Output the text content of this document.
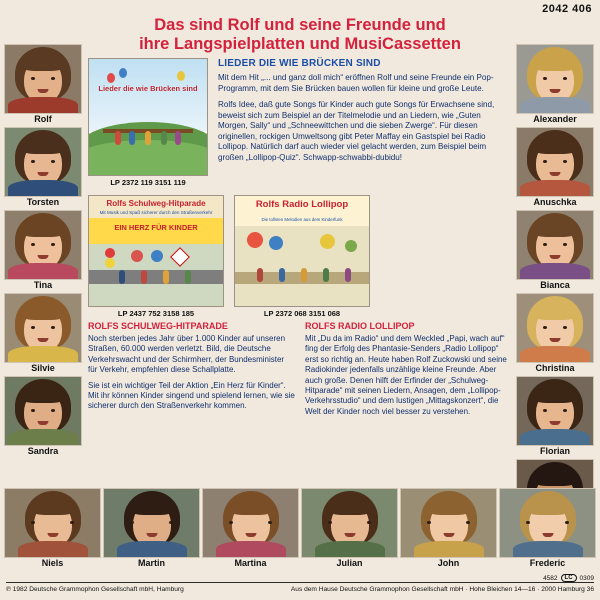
2042 406
Das sind Rolf und seine Freunde und
ihre Langspielplatten und MusiCassetten
Rolf
Torsten
Tina
Silvie
Sandra
Alexander
Anuschka
Bianca
Christina
Florian
Lieder die wie Brücken sind
LP 2372 119 3151 119
LIEDER DIE WIE BRÜCKEN SIND

Mit dem Hit „... und ganz doll mich“ eröffnen Rolf und seine Freunde ein Pop-Programm, mit dem Sie Brücken bauen wollen für kleine und große Leute.

Rolfs Idee, daß gute Songs für Kinder auch gute Songs für Erwachsene sind, beweist sich zum Beispiel an der Titelmelodie und an Liedern, wie „Guten Morgen, Sally“ und „Schneewittchen und die sieben Zwerge“. Für diesen originellen, rockigen Umweltsong gibt Peter Maffay ein Gastspiel bei Radio Lollipop. Natürlich darf auch wieder viel gelacht werden, zum Beispiel beim großen „Lollipop-Quiz“. Schwapp-schwabbi-dubidu!

Rolfs Schulweg-Hitparade
Mit Musik und Spaß sicherer durch den Straßenverkehr
EIN HERZ FÜR KINDER
LP 2437 752 3158 185
Rolfs Radio Lollipop
Die tollsten Melodien aus dem Kinderfunk
LP 2372 068 3151 068
ROLFS SCHULWEG-HITPARADE

Noch sterben jedes Jahr über 1.000 Kinder auf unseren Straßen, 60.000 werden verletzt. Bild, die Deutsche Verkehrswacht und der Schirmherr, der Bundesminister für Verkehr, empfehlen diese Schallplatte.

Sie ist ein wichtiger Teil der Aktion „Ein Herz für Kinder“. Mit ihr können Kinder singend und spielend lernen, wie sie sicherer durch den Straßenverkehr kommen.

ROLFS RADIO LOLLIPOP

Mit „Du da im Radio“ und dem Weckled „Papi, wach auf“ fing der Erfolg des Phantasie-Senders „Radio Lollipop“ erst so richtig an. Heute haben Rolf Zuckowski und seine Radiokinder jedenfalls unzählige kleine Freunde. Aber auch große. Denen hilft der Erfinder der „Schulweg-Hitparade“ mit seinen Liedern, Ansagen, dem „Lollipop-Verkehrsstudio“ und dem lustigen „Mittagskonzert“, die Welt der Kinder noch viel besser zu verstehen.

Niels	Martin	Martina	Julian	John	Frederic
4582	LC	0309
℗ 1982 Deutsche Grammophon Gesellschaft mbH, Hamburg	Aus dem Hause Deutsche Grammophon Gesellschaft mbH · Hohe Bleichen 14—16 · 2000 Hamburg 36
